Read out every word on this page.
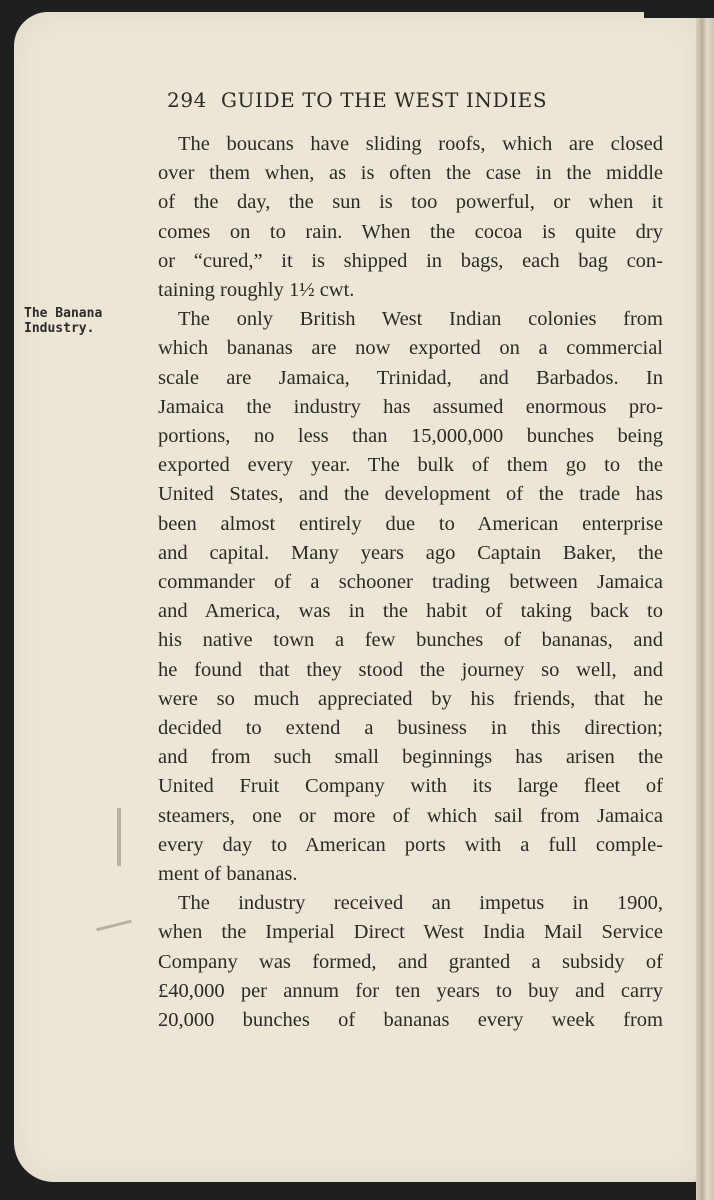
294 GUIDE TO THE WEST INDIES
The Banana
Industry.
The boucans have sliding roofs, which are closed
over them when, as is often the case in the middle
of the day, the sun is too powerful, or when it
comes on to rain. When the cocoa is quite dry
or “cured,” it is shipped in bags, each bag con-
taining roughly 1½ cwt.
The only British West Indian colonies from
which bananas are now exported on a commercial
scale are Jamaica, Trinidad, and Barbados. In
Jamaica the industry has assumed enormous pro-
portions, no less than 15,000,000 bunches being
exported every year. The bulk of them go to the
United States, and the development of the trade has
been almost entirely due to American enterprise
and capital. Many years ago Captain Baker, the
commander of a schooner trading between Jamaica
and America, was in the habit of taking back to
his native town a few bunches of bananas, and
he found that they stood the journey so well, and
were so much appreciated by his friends, that he
decided to extend a business in this direction;
and from such small beginnings has arisen the
United Fruit Company with its large fleet of
steamers, one or more of which sail from Jamaica
every day to American ports with a full comple-
ment of bananas.
The industry received an impetus in 1900,
when the Imperial Direct West India Mail Service
Company was formed, and granted a subsidy of
£40,000 per annum for ten years to buy and carry
20,000 bunches of bananas every week from
